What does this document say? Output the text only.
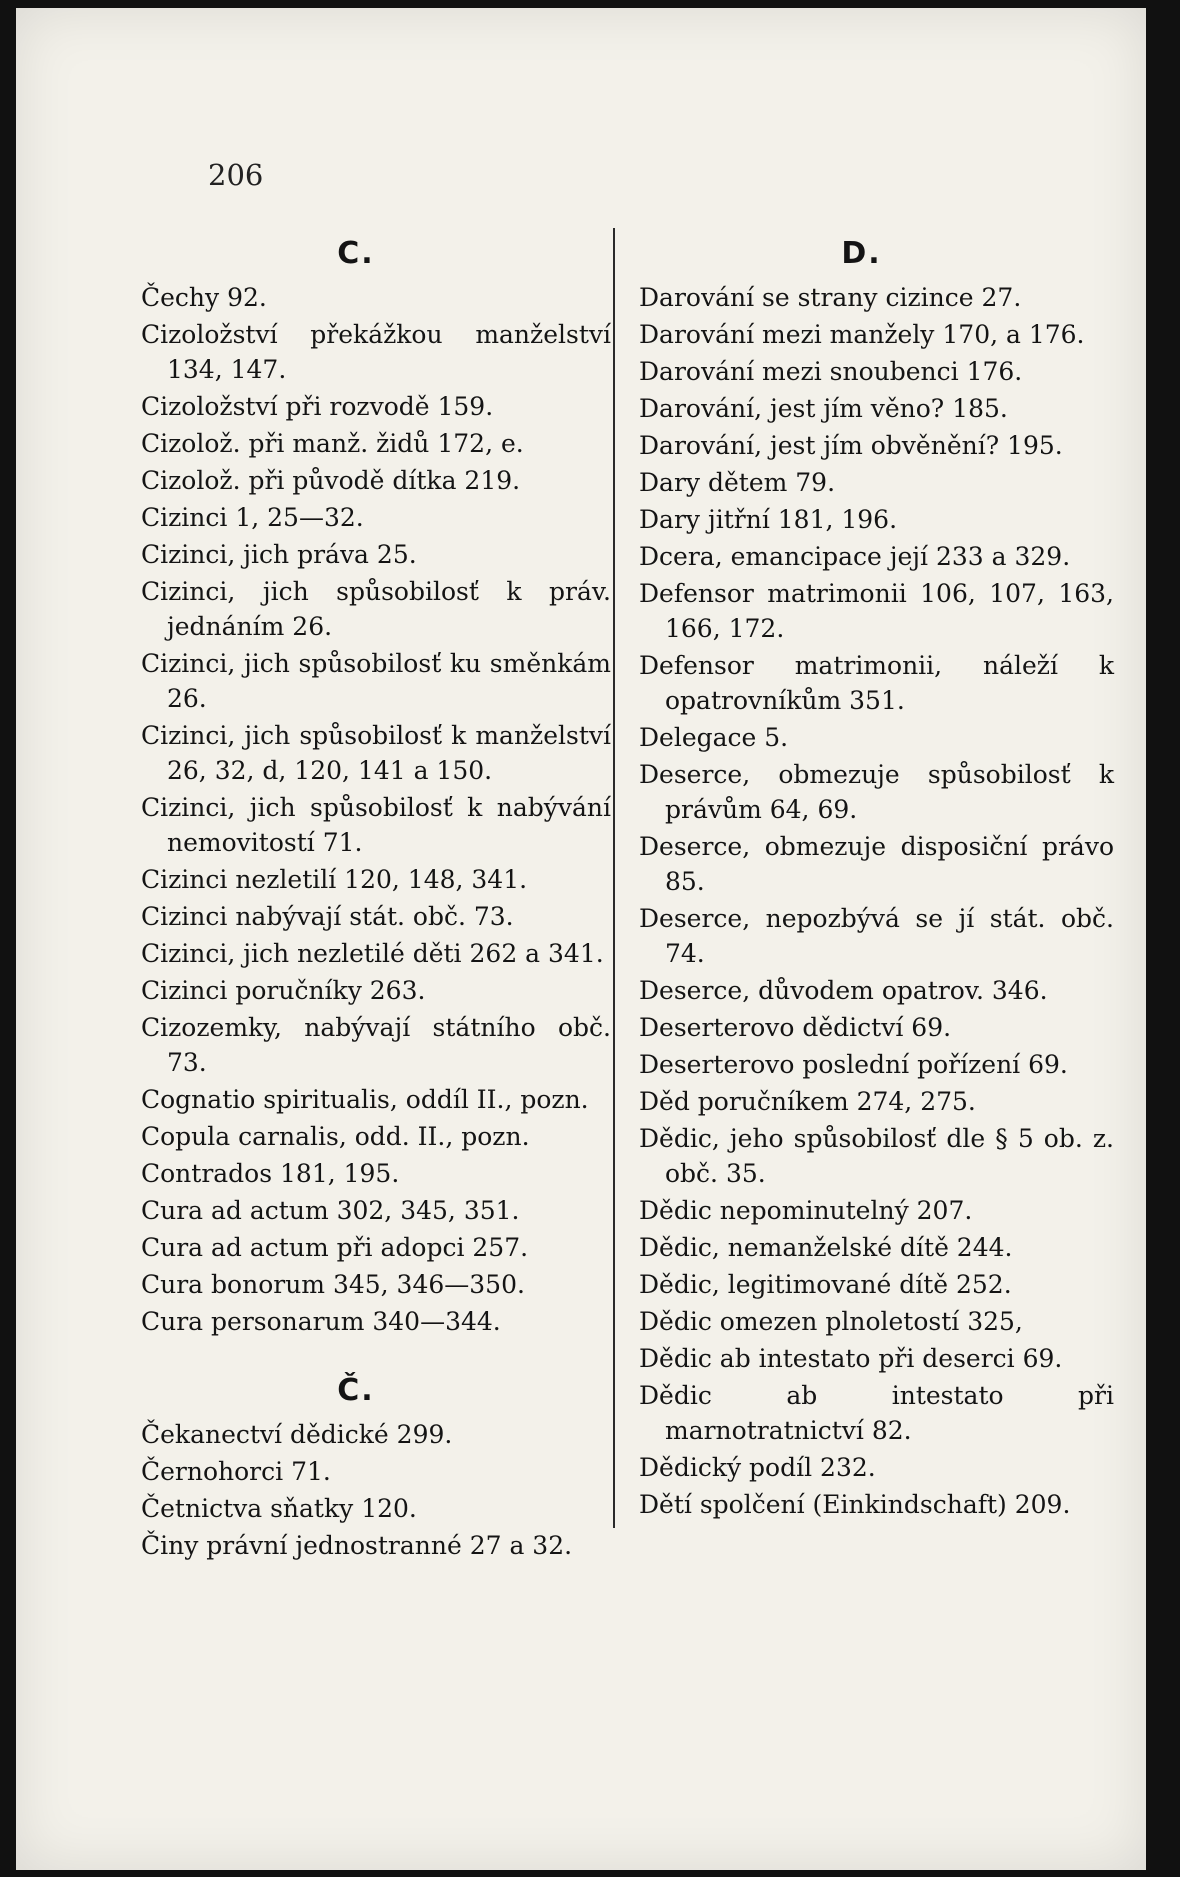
206
C.
Čechy 92.
Cizoložství překážkou manželství 134, 147.
Cizoložství při rozvodě 159.
Cizolož. při manž. židů 172, e.
Cizolož. při původě dítka 219.
Cizinci 1, 25—32.
Cizinci, jich práva 25.
Cizinci, jich spůsobilosť k práv. jednáním 26.
Cizinci, jich spůsobilosť ku směnkám 26.
Cizinci, jich spůsobilosť k manželství 26, 32, d, 120, 141 a 150.
Cizinci, jich spůsobilosť k nabývání nemovitostí 71.
Cizinci nezletilí 120, 148, 341.
Cizinci nabývají stát. obč. 73.
Cizinci, jich nezletilé děti 262 a 341.
Cizinci poručníky 263.
Cizozemky, nabývají státního obč. 73.
Cognatio spiritualis, oddíl II., pozn.
Copula carnalis, odd. II., pozn.
Contrados 181, 195.
Cura ad actum 302, 345, 351.
Cura ad actum při adopci 257.
Cura bonorum 345, 346—350.
Cura personarum 340—344.
Č.
Čekanectví dědické 299.
Černohorci 71.
Četnictva sňatky 120.
Činy právní jednostranné 27 a 32.
D.
Darování se strany cizince 27.
Darování mezi manžely 170, a 176.
Darování mezi snoubenci 176.
Darování, jest jím věno? 185.
Darování, jest jím obvěnění? 195.
Dary dětem 79.
Dary jitřní 181, 196.
Dcera, emancipace její 233 a 329.
Defensor matrimonii 106, 107, 163, 166, 172.
Defensor matrimonii, náleží k opatrovníkům 351.
Delegace 5.
Deserce, obmezuje spůsobilosť k právům 64, 69.
Deserce, obmezuje disposiční právo 85.
Deserce, nepozbývá se jí stát. obč. 74.
Deserce, důvodem opatrov. 346.
Deserterovo dědictví 69.
Deserterovo poslední pořízení 69.
Děd poručníkem 274, 275.
Dědic, jeho spůsobilosť dle § 5 ob. z. obč. 35.
Dědic nepominutelný 207.
Dědic, nemanželské dítě 244.
Dědic, legitimované dítě 252.
Dědic omezen plnoletostí 325,
Dědic ab intestato při deserci 69.
Dědic ab intestato při marnotratnictví 82.
Dědický podíl 232.
Dětí spolčení (Einkindschaft) 209.
